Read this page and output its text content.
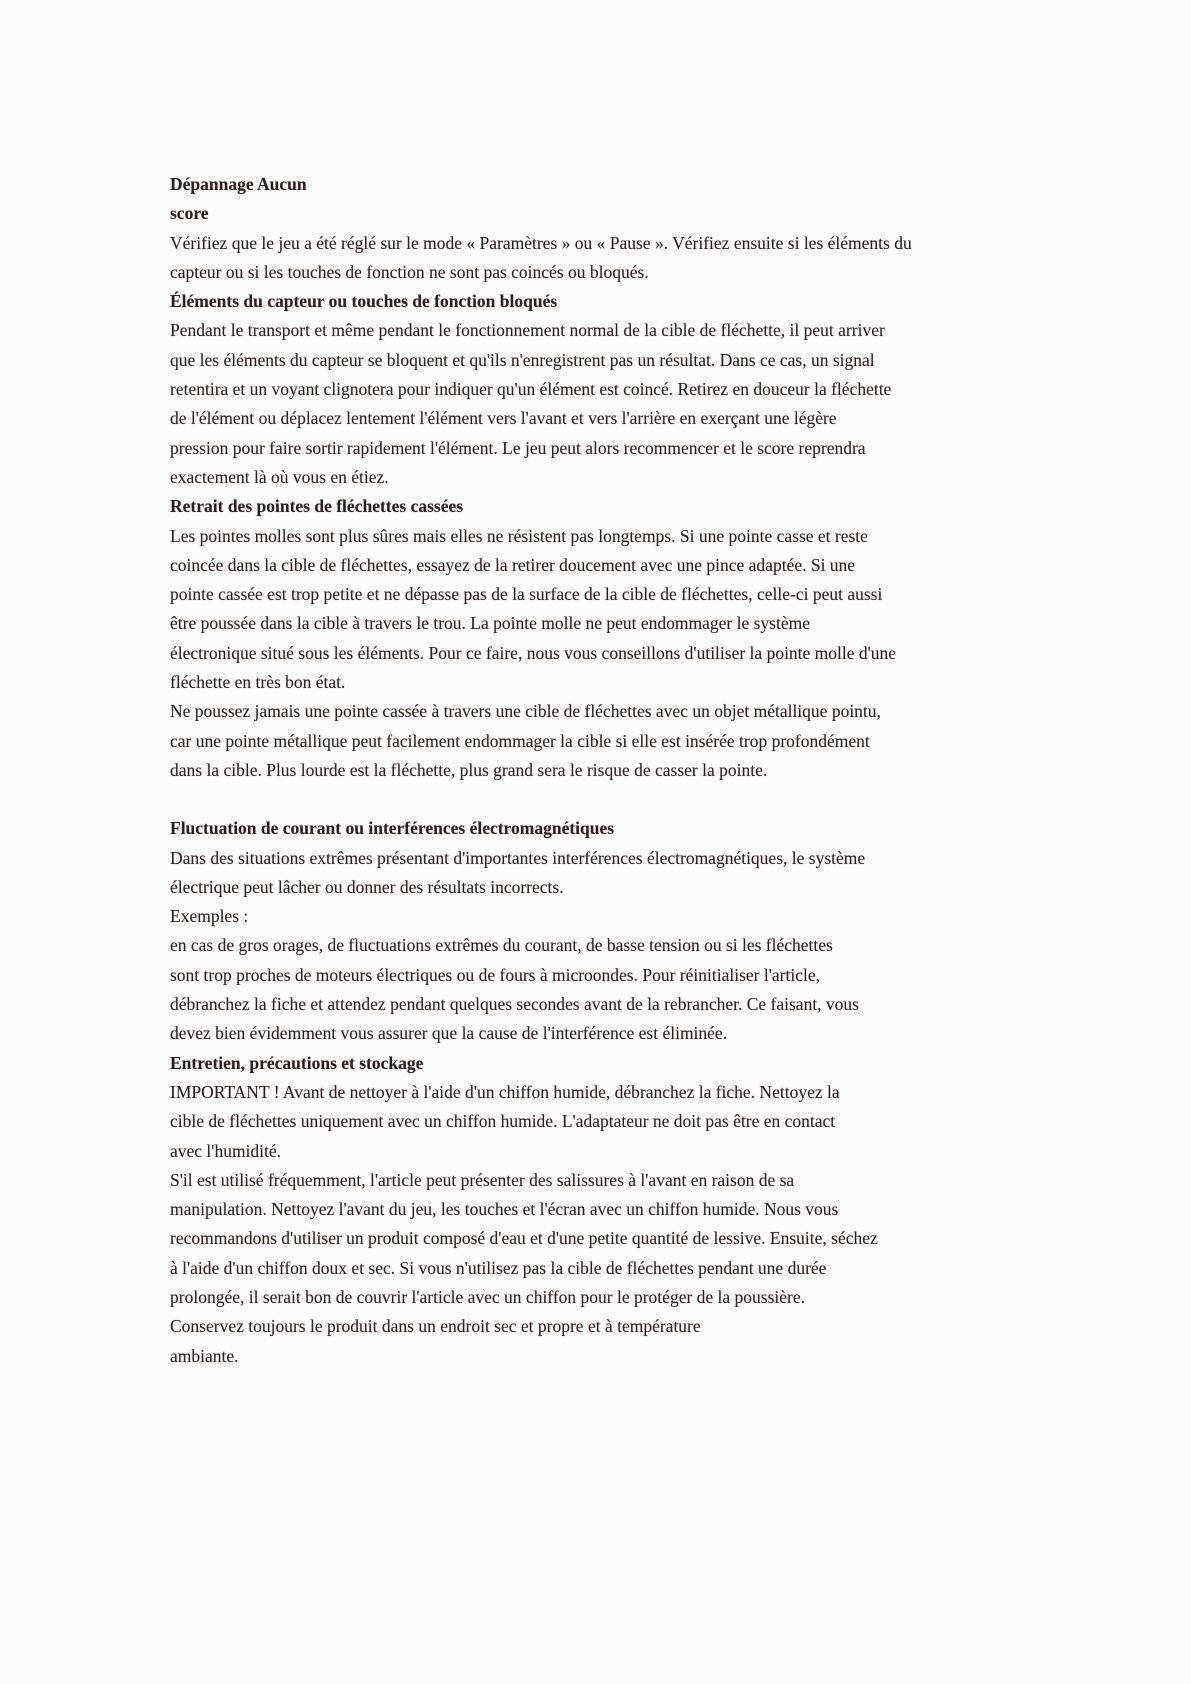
Dépannage Aucun
score

Vérifiez que le jeu a été réglé sur le mode « Paramètres » ou « Pause ». Vérifiez ensuite si les éléments du
capteur ou si les touches de fonction ne sont pas coincés ou bloqués.

Éléments du capteur ou touches de fonction bloqués

Pendant le transport et même pendant le fonctionnement normal de la cible de fléchette, il peut arriver
que les éléments du capteur se bloquent et qu'ils n'enregistrent pas un résultat. Dans ce cas, un signal
retentira et un voyant clignotera pour indiquer qu'un élément est coincé. Retirez en douceur la fléchette
de l'élément ou déplacez lentement l'élément vers l'avant et vers l'arrière en exerçant une légère
pression pour faire sortir rapidement l'élément. Le jeu peut alors recommencer et le score reprendra
exactement là où vous en étiez.

Retrait des pointes de fléchettes cassées

Les pointes molles sont plus sûres mais elles ne résistent pas longtemps. Si une pointe casse et reste
coincée dans la cible de fléchettes, essayez de la retirer doucement avec une pince adaptée. Si une
pointe cassée est trop petite et ne dépasse pas de la surface de la cible de fléchettes, celle-ci peut aussi
être poussée dans la cible à travers le trou. La pointe molle ne peut endommager le système
électronique situé sous les éléments. Pour ce faire, nous vous conseillons d'utiliser la pointe molle d'une
fléchette en très bon état.

Ne poussez jamais une pointe cassée à travers une cible de fléchettes avec un objet métallique pointu,
car une pointe métallique peut facilement endommager la cible si elle est insérée trop profondément
dans la cible. Plus lourde est la fléchette, plus grand sera le risque de casser la pointe.

Fluctuation de courant ou interférences électromagnétiques

Dans des situations extrêmes présentant d'importantes interférences électromagnétiques, le système
électrique peut lâcher ou donner des résultats incorrects.

Exemples :

en cas de gros orages, de fluctuations extrêmes du courant, de basse tension ou si les fléchettes
sont trop proches de moteurs électriques ou de fours à microondes. Pour réinitialiser l'article,
débranchez la fiche et attendez pendant quelques secondes avant de la rebrancher. Ce faisant, vous
devez bien évidemment vous assurer que la cause de l'interférence est éliminée.

Entretien, précautions et stockage

IMPORTANT ! Avant de nettoyer à l'aide d'un chiffon humide, débranchez la fiche. Nettoyez la
cible de fléchettes uniquement avec un chiffon humide. L'adaptateur ne doit pas être en contact
avec l'humidité.

S'il est utilisé fréquemment, l'article peut présenter des salissures à l'avant en raison de sa
manipulation. Nettoyez l'avant du jeu, les touches et l'écran avec un chiffon humide. Nous vous
recommandons d'utiliser un produit composé d'eau et d'une petite quantité de lessive. Ensuite, séchez
à l'aide d'un chiffon doux et sec. Si vous n'utilisez pas la cible de fléchettes pendant une durée
prolongée, il serait bon de couvrir l'article avec un chiffon pour le protéger de la poussière.
Conservez toujours le produit dans un endroit sec et propre et à température
ambiante.
